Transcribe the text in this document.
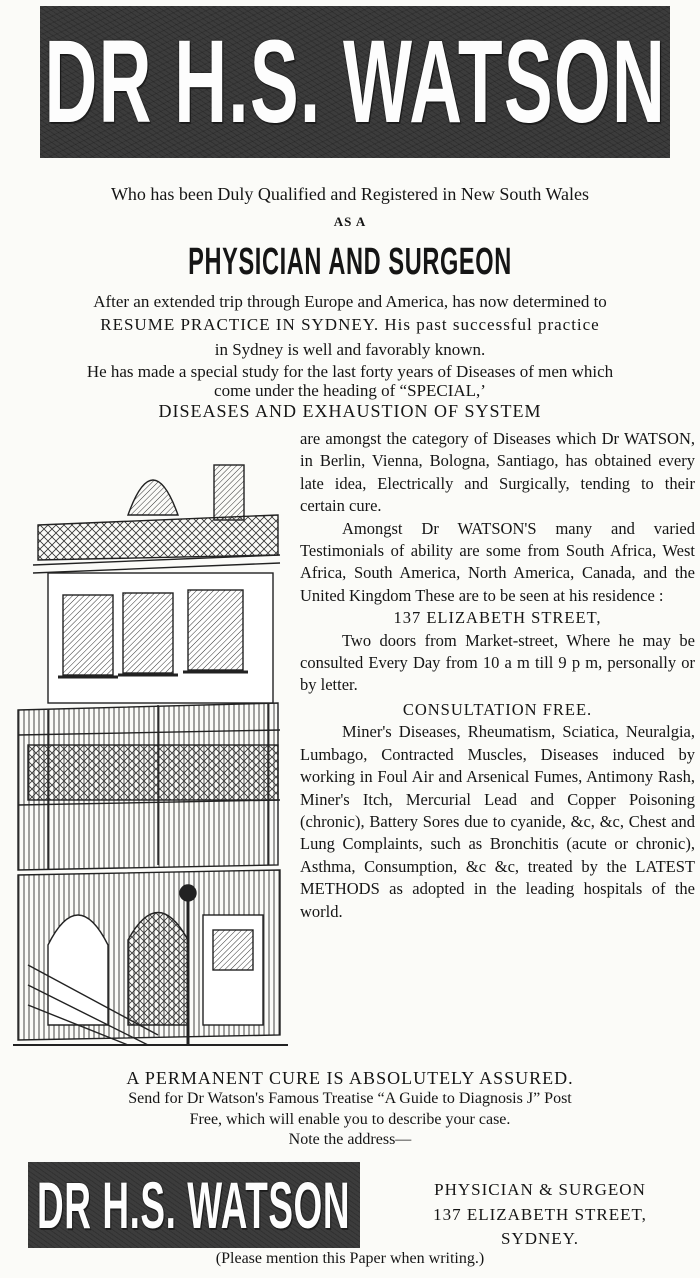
DR H.S. WATSON
Who has been Duly Qualified and Registered in New South Wales
AS A
PHYSICIAN AND SURGEON
After an extended trip through Europe and America, has now determined to
RESUME PRACTICE IN SYDNEY. His past successful practice
in Sydney is well and favorably known.
He has made a special study for the last forty years of Diseases of men which
come under the heading of “SPECIAL,’
DISEASES AND EXHAUSTION OF SYSTEM

are amongst the category of Diseases which Dr WATSON, in Berlin, Vienna, Bologna, Santiago, has obtained every late idea, Electrically and Surgically, tending to their certain cure.

Amongst Dr WATSON'S many and varied Testimonials of ability are some from South Africa, West Africa, South America, North America, Canada, and the United Kingdom These are to be seen at his residence :

137 ELIZABETH STREET,

Two doors from Market-street, Where he may be consulted Every Day from 10 a m till 9 p m, personally or by letter.

CONSULTATION FREE.

Miner's Diseases, Rheumatism, Sciatica, Neuralgia, Lumbago, Contracted Muscles, Diseases induced by working in Foul Air and Arsenical Fumes, Antimony Rash, Miner's Itch, Mercurial Lead and Copper Poisoning (chronic), Battery Sores due to cyanide, &c, &c, Chest and Lung Complaints, such as Bronchitis (acute or chronic), Asthma, Consumption, &c &c, treated by the LATEST METHODS as adopted in the leading hospitals of the world.

A PERMANENT CURE IS ABSOLUTELY ASSURED.
Send for Dr Watson's Famous Treatise “A Guide to Diagnosis J” Post
Free, which will enable you to describe your case.
Note the address—
DR H.S. WATSON	PHYSICIAN & SURGEON
137 ELIZABETH STREET,
SYDNEY.
(Please mention this Paper when writing.)
